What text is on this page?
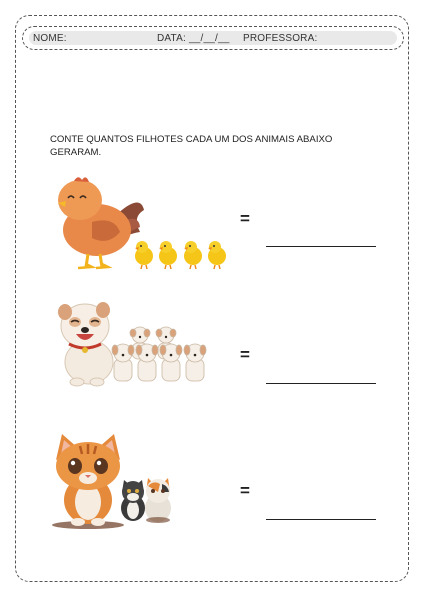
NOME:	DATA: __/__/__ PROFESSORA:
CONTE QUANTOS FILHOTES CADA UM DOS ANIMAIS ABAIXO GERARAM.
=
=
=
